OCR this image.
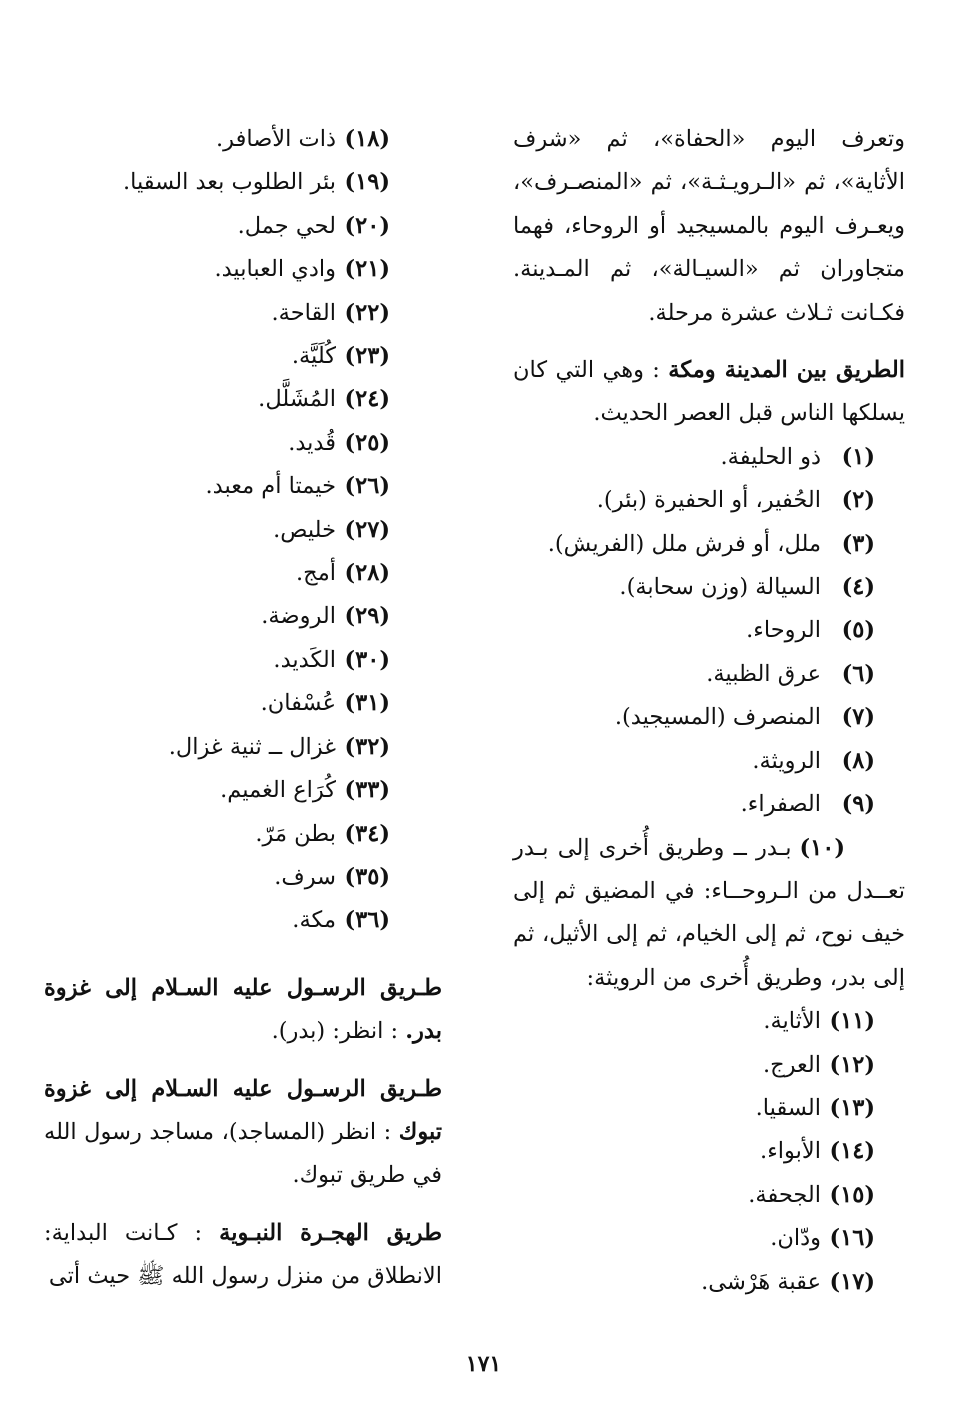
وتعرف اليوم «الحفاة»، ثم «شرف الأثاية»، ثم «الـرويـثـة»، ثم «المنصـرف»، ويعـرف اليوم بالمسيجيد أو الروحاء، فهما متجاوران ثم «السيـالة»، ثم المـدينة. فكـانت ثـلاث عشرة مرحلة.

الطريق بين المدينة ومكة : وهي التي كان يسلكها الناس قبل العصر الحديث.

(١)ذو الحليفة.
(٢)الحُفير، أو الحفيرة (بئر).
(٣)ملل، أو فرش ملل (الفريش).
(٤)السيالة (وزن سحابة).
(٥)الروحاء.
(٦)عرق الظبية.
(٧)المنصرف (المسيجيد).
(٨)الرويثة.
(٩)الصفراء.

(١٠)بـدر ــ وطريق أُخرى إلى بـدر تعــدل من الـروحــاء: في المضيق ثم إلى خيف نوح، ثم إلى الخيام، ثم إلى الأثيل، ثم إلى بدر، وطريق أُخرى من الرويثة:

(١١)الأثاية.
(١٢)العرج.
(١٣)السقيا.
(١٤)الأبواء.
(١٥)الجحفة.
(١٦)ودّان.
(١٧)عقبة هَرْشى.
(١٨)ذات الأصافر.
(١٩)بئر الطلوب بعد السقيا.
(٢٠)لحي جمل.
(٢١)وادي العبابيد.
(٢٢)القاحة.
(٢٣)كُلَيَّة.
(٢٤)المُشَلَّل.
(٢٥)قُديد.
(٢٦)خيمتا أم معبد.
(٢٧)خليص.
(٢٨)أمج.
(٢٩)الروضة.
(٣٠)الكَديد.
(٣١)عُسْفان.
(٣٢)غزال ــ ثنية غزال.
(٣٣)كُرَاع الغميم.
(٣٤)بطن مَرّ.
(٣٥)سرف.
(٣٦)مكة.

طـريق الرسـول عليه السـلام إلى غزوة بدر. : انظر: (بدر).

طـريق الرسـول عليه السـلام إلى غزوة تبوك : انظر (المساجد)، مساجد رسول الله في طريق تبوك.

طريق الهجـرة النبـوية : كـانت البداية: الانطلاق من منزل رسول الله ﷺ حيث أتى

١٧١
